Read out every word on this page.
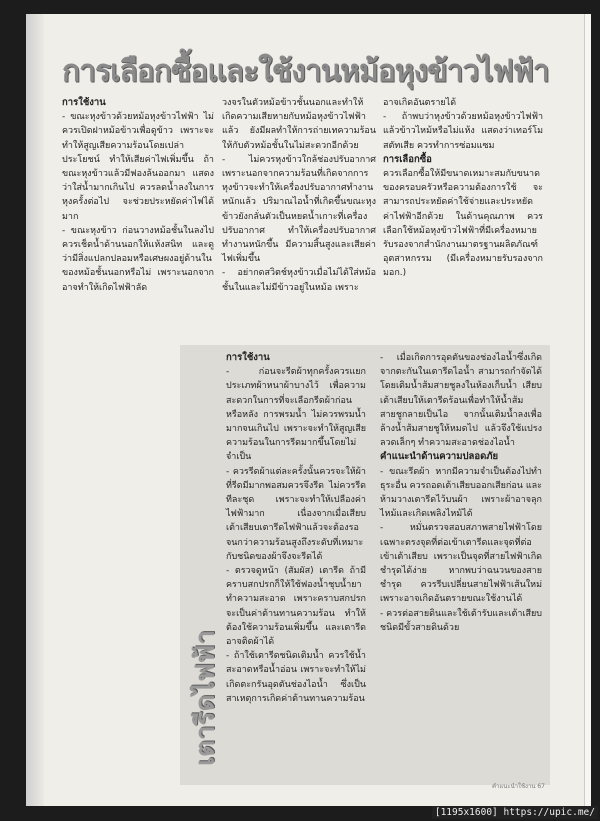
การเลือกซื้อและใช้งานหม้อหุงข้าวไฟฟ้า

การใช้งาน

- ขณะหุงข้าวด้วยหม้อหุงข้าวไฟฟ้า ไม่ควรเปิดฝาหม้อข้าวเพื่อดูข้าว เพราะจะทำให้สูญเสียความร้อนโดยเปล่าประโยชน์ ทำให้เสียค่าไฟเพิ่มขึ้น ถ้าขณะหุงข้าวแล้วมีฟองล้นออกมา แสดงว่าใส่น้ำมากเกินไป ควรลดน้ำลงในการหุงครั้งต่อไป จะช่วยประหยัดค่าไฟได้มาก

- ขณะหุงข้าว ก่อนวางหม้อชั้นในลงไปควรเช็ดน้ำด้านนอกให้แห้งสนิท และดูว่ามีสิ่งแปลกปลอมหรือเศษผงอยู่ด้านในของหม้อชั้นนอกหรือไม่ เพราะนอกจากอาจทำให้เกิดไฟฟ้าลัด

วงจรในตัวหม้อข้าวชั้นนอกและทำให้เกิดความเสียหายกับหม้อหุงข้าวไฟฟ้าแล้ว ยังมีผลทำให้การถ่ายเทความร้อนให้กับตัวหม้อชั้นในไม่สะดวกอีกด้วย

- ไม่ควรหุงข้าวใกล้ช่องปรับอากาศ เพราะนอกจากความร้อนที่เกิดจากการหุงข้าวจะทำให้เครื่องปรับอากาศทำงานหนักแล้ว ปริมาณไอน้ำที่เกิดขึ้นขณะหุงข้าวยังกลั่นตัวเป็นหยดน้ำเกาะที่เครื่องปรับอากาศ ทำให้เครื่องปรับอากาศทำงานหนักขึ้น มีความสิ้นสูงและเสียค่าไฟเพิ่มขึ้น

- อย่ากดสวิตช์หุงข้าวเมื่อไม่ได้ใส่หม้อชั้นในและไม่มีข้าวอยู่ในหม้อ เพราะ

อาจเกิดอันตรายได้

- ถ้าพบว่าหุงข้าวด้วยหม้อหุงข้าวไฟฟ้าแล้วข้าวไหม้หรือไม่แห้ง แสดงว่าเทอร์โมสตัทเสีย ควรทำการซ่อมแซม

การเลือกซื้อ

ควรเลือกซื้อให้มีขนาดเหมาะสมกับขนาดของครอบครัวหรือความต้องการใช้ จะสามารถประหยัดค่าใช้จ่ายและประหยัดค่าไฟฟ้าอีกด้วย ในด้านคุณภาพ ควรเลือกใช้หม้อหุงข้าวไฟฟ้าที่มีเครื่องหมายรับรองจากสำนักงานมาตรฐานผลิตภัณฑ์อุตสาหกรรม (มีเครื่องหมายรับรองจาก มอก.)

เตารีดไฟฟ้า

การใช้งาน

- ก่อนจะรีดผ้าทุกครั้งควรแยกประเภทผ้าหนาผ้าบางไว้ เพื่อความสะดวกในการที่จะเลือกรีดผ้าก่อนหรือหลัง การพรมน้ำ ไม่ควรพรมน้ำมากจนเกินไป เพราะจะทำให้สูญเสียความร้อนในการรีดมากขึ้นโดยไม่จำเป็น

- ควรรีดผ้าแต่ละครั้งนั้นควรจะให้ผ้าที่รีดมีมากพอสมควรจึงรีด ไม่ควรรีดทีละชุด เพราะจะทำให้เปลืองค่าไฟฟ้ามาก เนื่องจากเมื่อเสียบเต้าเสียบเตารีดไฟฟ้าแล้วจะต้องรอจนกว่าความร้อนสูงถึงระดับที่เหมาะกับชนิดของผ้าจึงจะรีดได้

- ตรวจดูหน้า (สัมผัส) เตารีด ถ้ามีคราบสกปรกก็ให้ใช้ฟองน้ำชุบน้ำยาทำความสะอาด เพราะคราบสกปรกจะเป็นค่าต้านทานความร้อน ทำให้ต้องใช้ความร้อนเพิ่มขึ้น และเตารีดอาจติดผ้าได้

- ถ้าใช้เตารีดชนิดเติมน้ำ ควรใช้น้ำสะอาดหรือน้ำอ่อน เพราะจะทำให้ไม่เกิดตะกรันอุดตันช่องไอน้ำ ซึ่งเป็นสาเหตุการเกิดค่าต้านทานความร้อน

- เมื่อเกิดการอุดตันของช่องไอน้ำซึ่งเกิดจากตะกันในเตารีดไอน้ำ สามารถกำจัดได้โดยเติมน้ำส้มสายชูลงในห้องเก็บน้ำ เสียบเต้าเสียบให้เตารีดร้อนเพื่อทำให้น้ำส้มสายชูกลายเป็นไอ จากนั้นเติมน้ำลงเพื่อล้างน้ำส้มสายชูให้หมดไป แล้วจึงใช้แปรงลวดเล็กๆ ทำความสะอาดช่องไอน้ำ

คำแนะนำด้านความปลอดภัย

- ขณะรีดผ้า หากมีความจำเป็นต้องไปทำธุระอื่น ควรถอดเต้าเสียบออกเสียก่อน และห้ามวางเตารีดไว้บนผ้า เพราะผ้าอาจลุกไหม้และเกิดเพลิงไหม้ได้

- หมั่นตรวจสอบสภาพสายไฟฟ้าโดยเฉพาะตรงจุดที่ต่อเข้าเตารีดและจุดที่ต่อเข้าเต้าเสียบ เพราะเป็นจุดที่สายไฟฟ้าเกิดชำรุดได้ง่าย หากพบว่าฉนวนของสายชำรุด ควรรีบเปลี่ยนสายไฟฟ้าเส้นใหม่ เพราะอาจเกิดอันตรายขณะใช้งานได้

- ควรต่อสายดินและใช้เต้ารับและเต้าเสียบชนิดมีขั้วสายดินด้วย

คำแนะนำใช้งาน 67
[1195x1600] https://upic.me/
